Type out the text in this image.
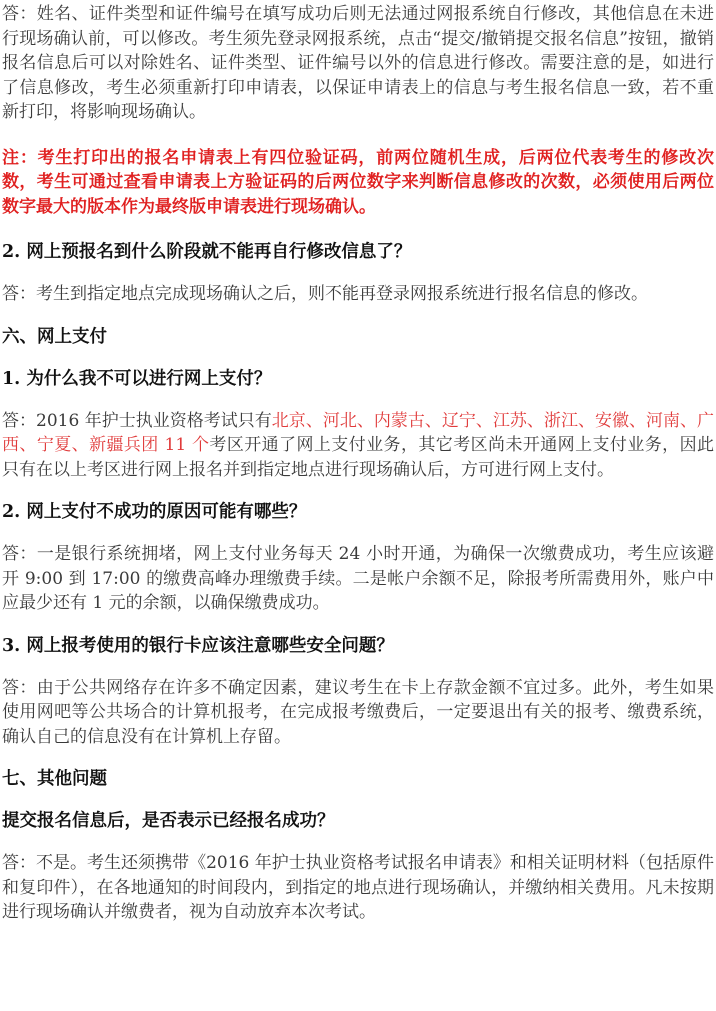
答：姓名、证件类型和证件编号在填写成功后则无法通过网报系统自行修改，其他信息在未进行现场确认前，可以修改。考生须先登录网报系统，点击“提交/撤销提交报名信息”按钮，撤销报名信息后可以对除姓名、证件类型、证件编号以外的信息进行修改。需要注意的是，如进行了信息修改，考生必须重新打印申请表，以保证申请表上的信息与考生报名信息一致，若不重新打印，将影响现场确认。

注：考生打印出的报名申请表上有四位验证码，前两位随机生成，后两位代表考生的修改次数，考生可通过查看申请表上方验证码的后两位数字来判断信息修改的次数，必须使用后两位数字最大的版本作为最终版申请表进行现场确认。

2. 网上预报名到什么阶段就不能再自行修改信息了？

答：考生到指定地点完成现场确认之后，则不能再登录网报系统进行报名信息的修改。

六、网上支付

1. 为什么我不可以进行网上支付？

答：2016 年护士执业资格考试只有北京、河北、内蒙古、辽宁、江苏、浙江、安徽、河南、广西、宁夏、新疆兵团 11 个考区开通了网上支付业务，其它考区尚未开通网上支付业务，因此只有在以上考区进行网上报名并到指定地点进行现场确认后，方可进行网上支付。

2. 网上支付不成功的原因可能有哪些？

答：一是银行系统拥堵，网上支付业务每天 24 小时开通，为确保一次缴费成功，考生应该避开 9:00 到 17:00 的缴费高峰办理缴费手续。二是帐户余额不足，除报考所需费用外，账户中应最少还有 1 元的余额，以确保缴费成功。

3. 网上报考使用的银行卡应该注意哪些安全问题？

答：由于公共网络存在许多不确定因素，建议考生在卡上存款金额不宜过多。此外，考生如果使用网吧等公共场合的计算机报考，在完成报考缴费后，一定要退出有关的报考、缴费系统，确认自己的信息没有在计算机上存留。

七、其他问题

提交报名信息后，是否表示已经报名成功？

答：不是。考生还须携带《2016 年护士执业资格考试报名申请表》和相关证明材料（包括原件和复印件），在各地通知的时间段内，到指定的地点进行现场确认，并缴纳相关费用。凡未按期进行现场确认并缴费者，视为自动放弃本次考试。
